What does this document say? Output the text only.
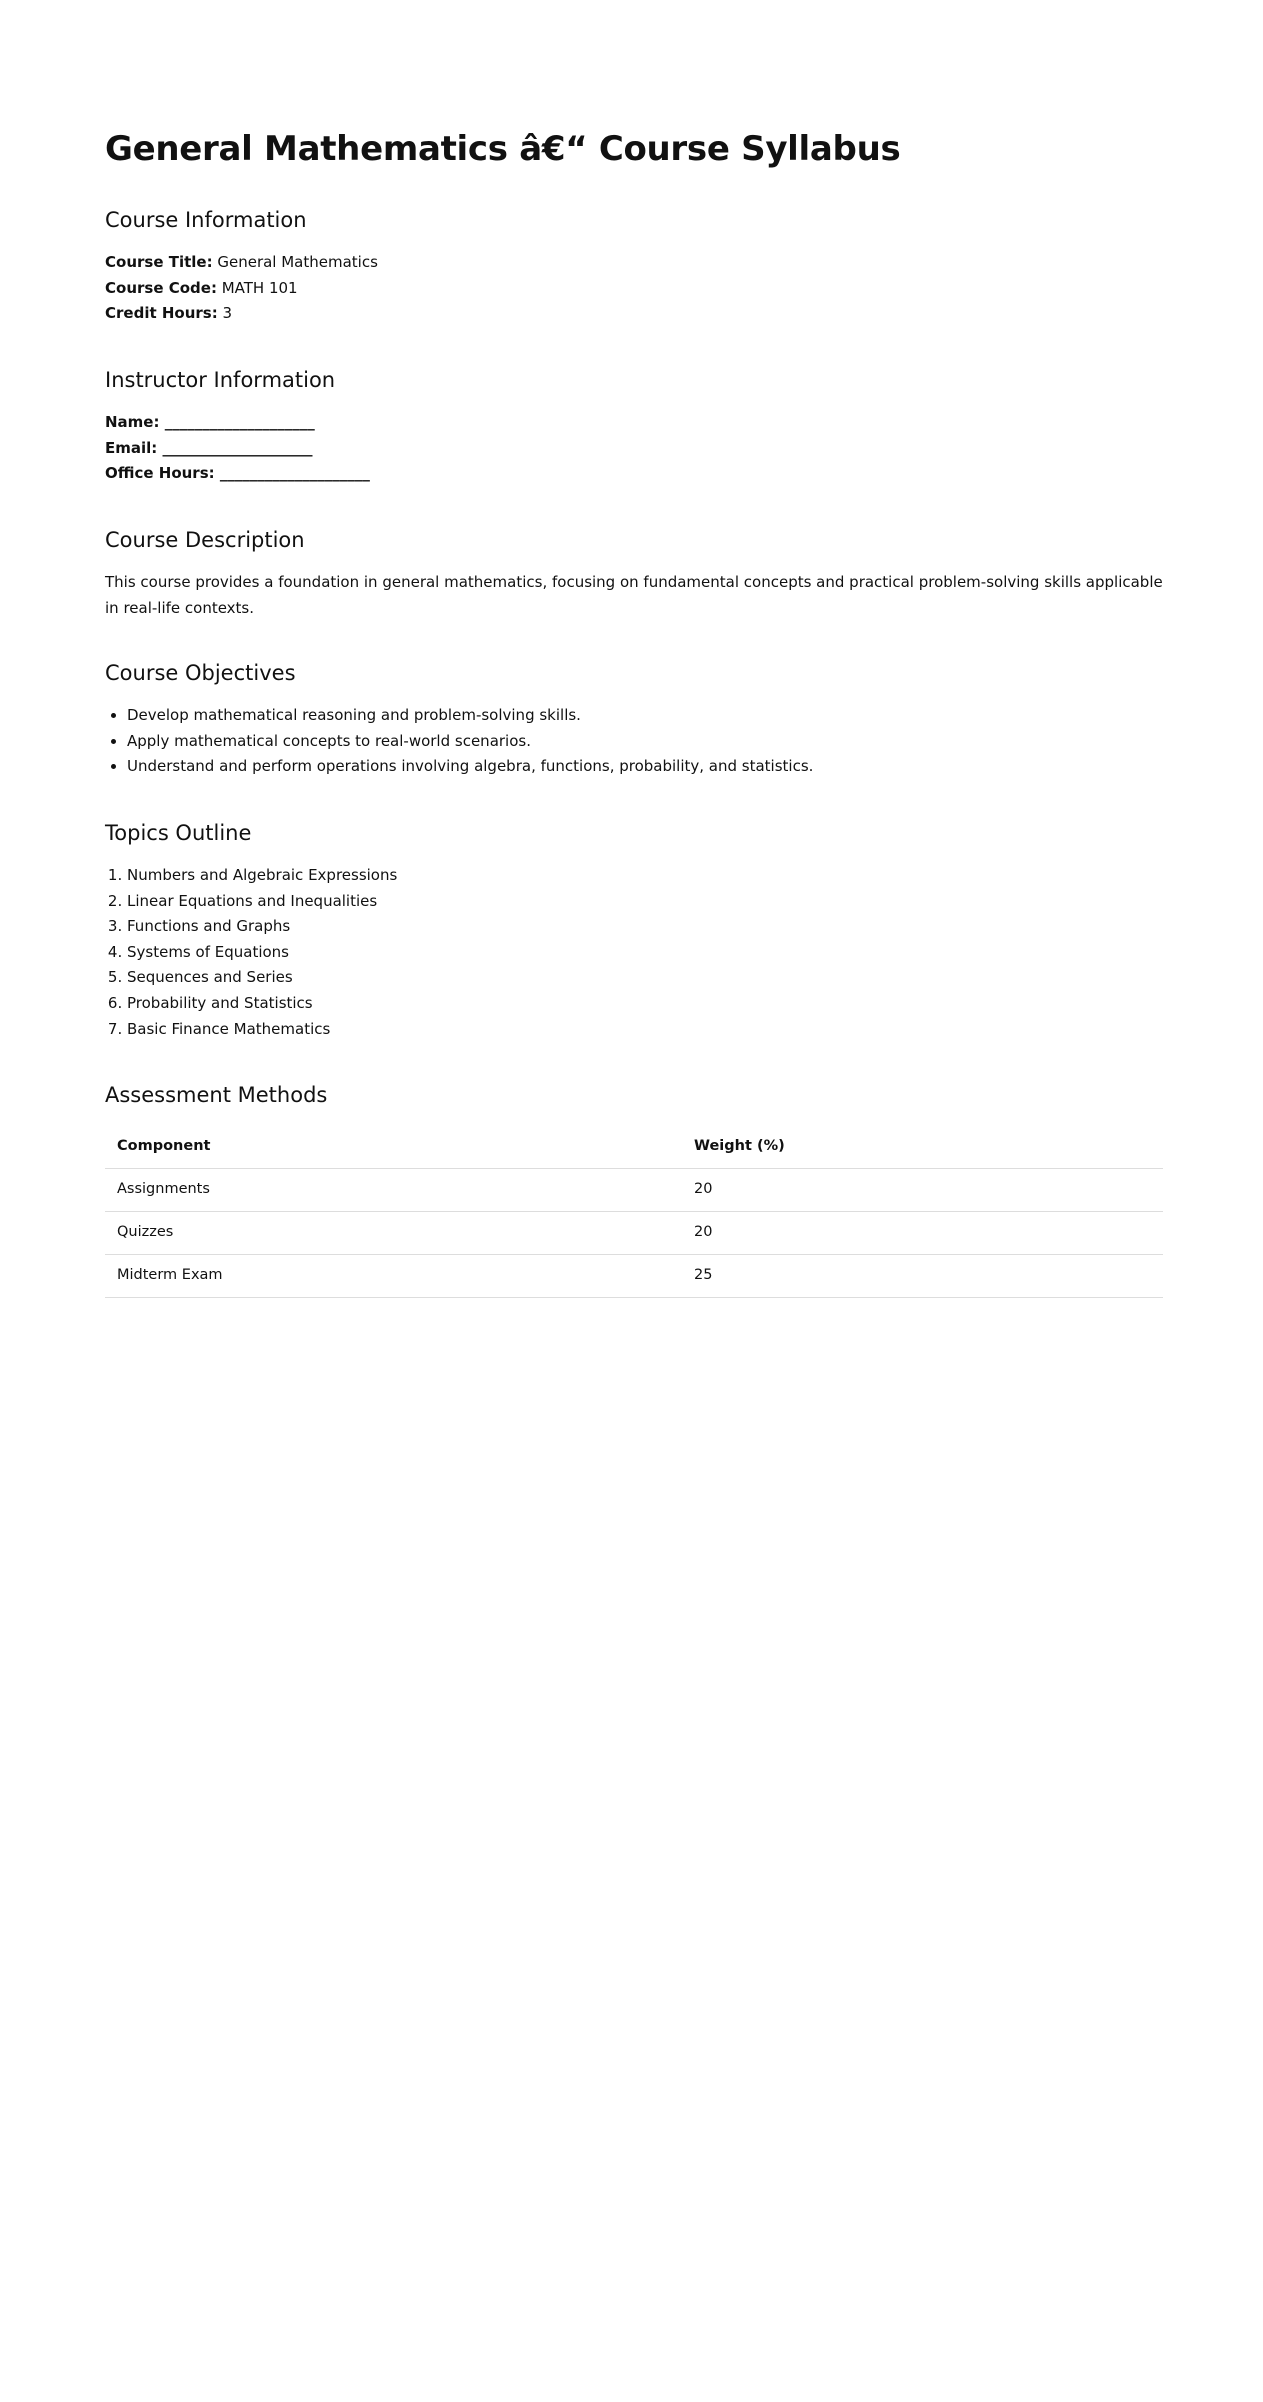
General Mathematics â€“ Course Syllabus
Course Information

Course Title: General Mathematics

Course Code: MATH 101

Credit Hours: 3

Instructor Information

Name: ____________________

Email: ____________________

Office Hours: ____________________

Course Description

This course provides a foundation in general mathematics, focusing on fundamental concepts and practical problem-solving skills applicable in real-life contexts.

Course Objectives
• Develop mathematical reasoning and problem-solving skills.
• Apply mathematical concepts to real-world scenarios.
• Understand and perform operations involving algebra, functions, probability, and statistics.
Topics Outline
1. Numbers and Algebraic Expressions
2. Linear Equations and Inequalities
3. Functions and Graphs
4. Systems of Equations
5. Sequences and Series
6. Probability and Statistics
7. Basic Finance Mathematics
Assessment Methods
Component	Weight (%)
Assignments	20
Quizzes	20
Midterm Exam	25
